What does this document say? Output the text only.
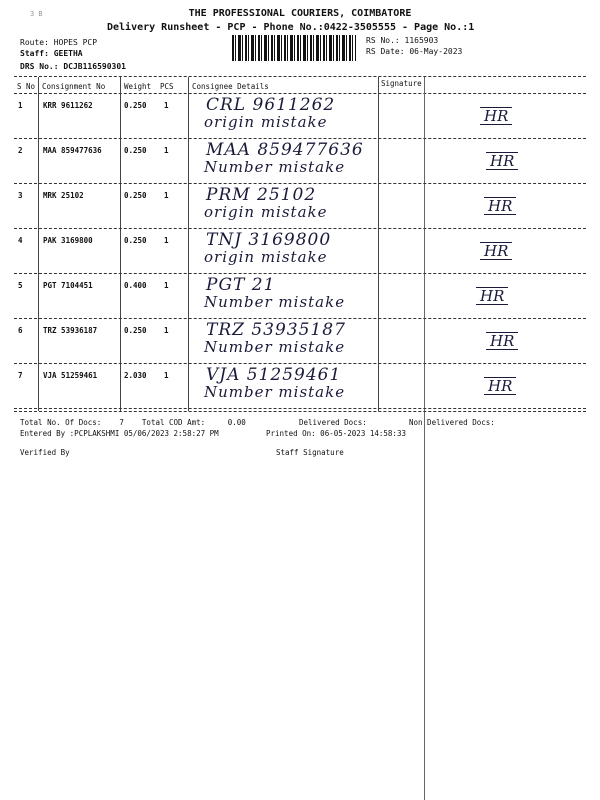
3 B	THE PROFESSIONAL COURIERS, COIMBATORE
Delivery Runsheet - PCP - Phone No.:0422-3505555 - Page No.:1
Route: HOPES PCP
Staff: GEETHA
DRS No.: DCJB116590301
RS No.: 1165903
RS Date: 06-May-2023
S No Consignment No	Weight PCS Consignee Details	Signature
1	KRR 9611262	0.250 1 CRL 9611262
origin mistake	HR
2	MAA 859477636	0.250 1 MAA 859477636
Number mistake	HR
3	MRK 25102	0.250 1 PRM 25102
origin mistake	HR
4	PAK 3169800	0.250 1 TNJ 3169800
origin mistake	HR
5	PGT 7104451	0.400 1 PGT 21
Number mistake	HR
6	TRZ 53936187	0.250 1 TRZ 53935187
Number mistake	HR
7	VJA 51259461	2.030 1 VJA 51259461
Number mistake	HR
Total No. Of Docs:    7    Total COD Amt:     0.00	Delivered Docs:	Non Delivered Docs:
Entered By :PCPLAKSHMI 05/06/2023 2:58:27 PM	Printed On: 06-05-2023 14:58:33
Verified By	Staff Signature
